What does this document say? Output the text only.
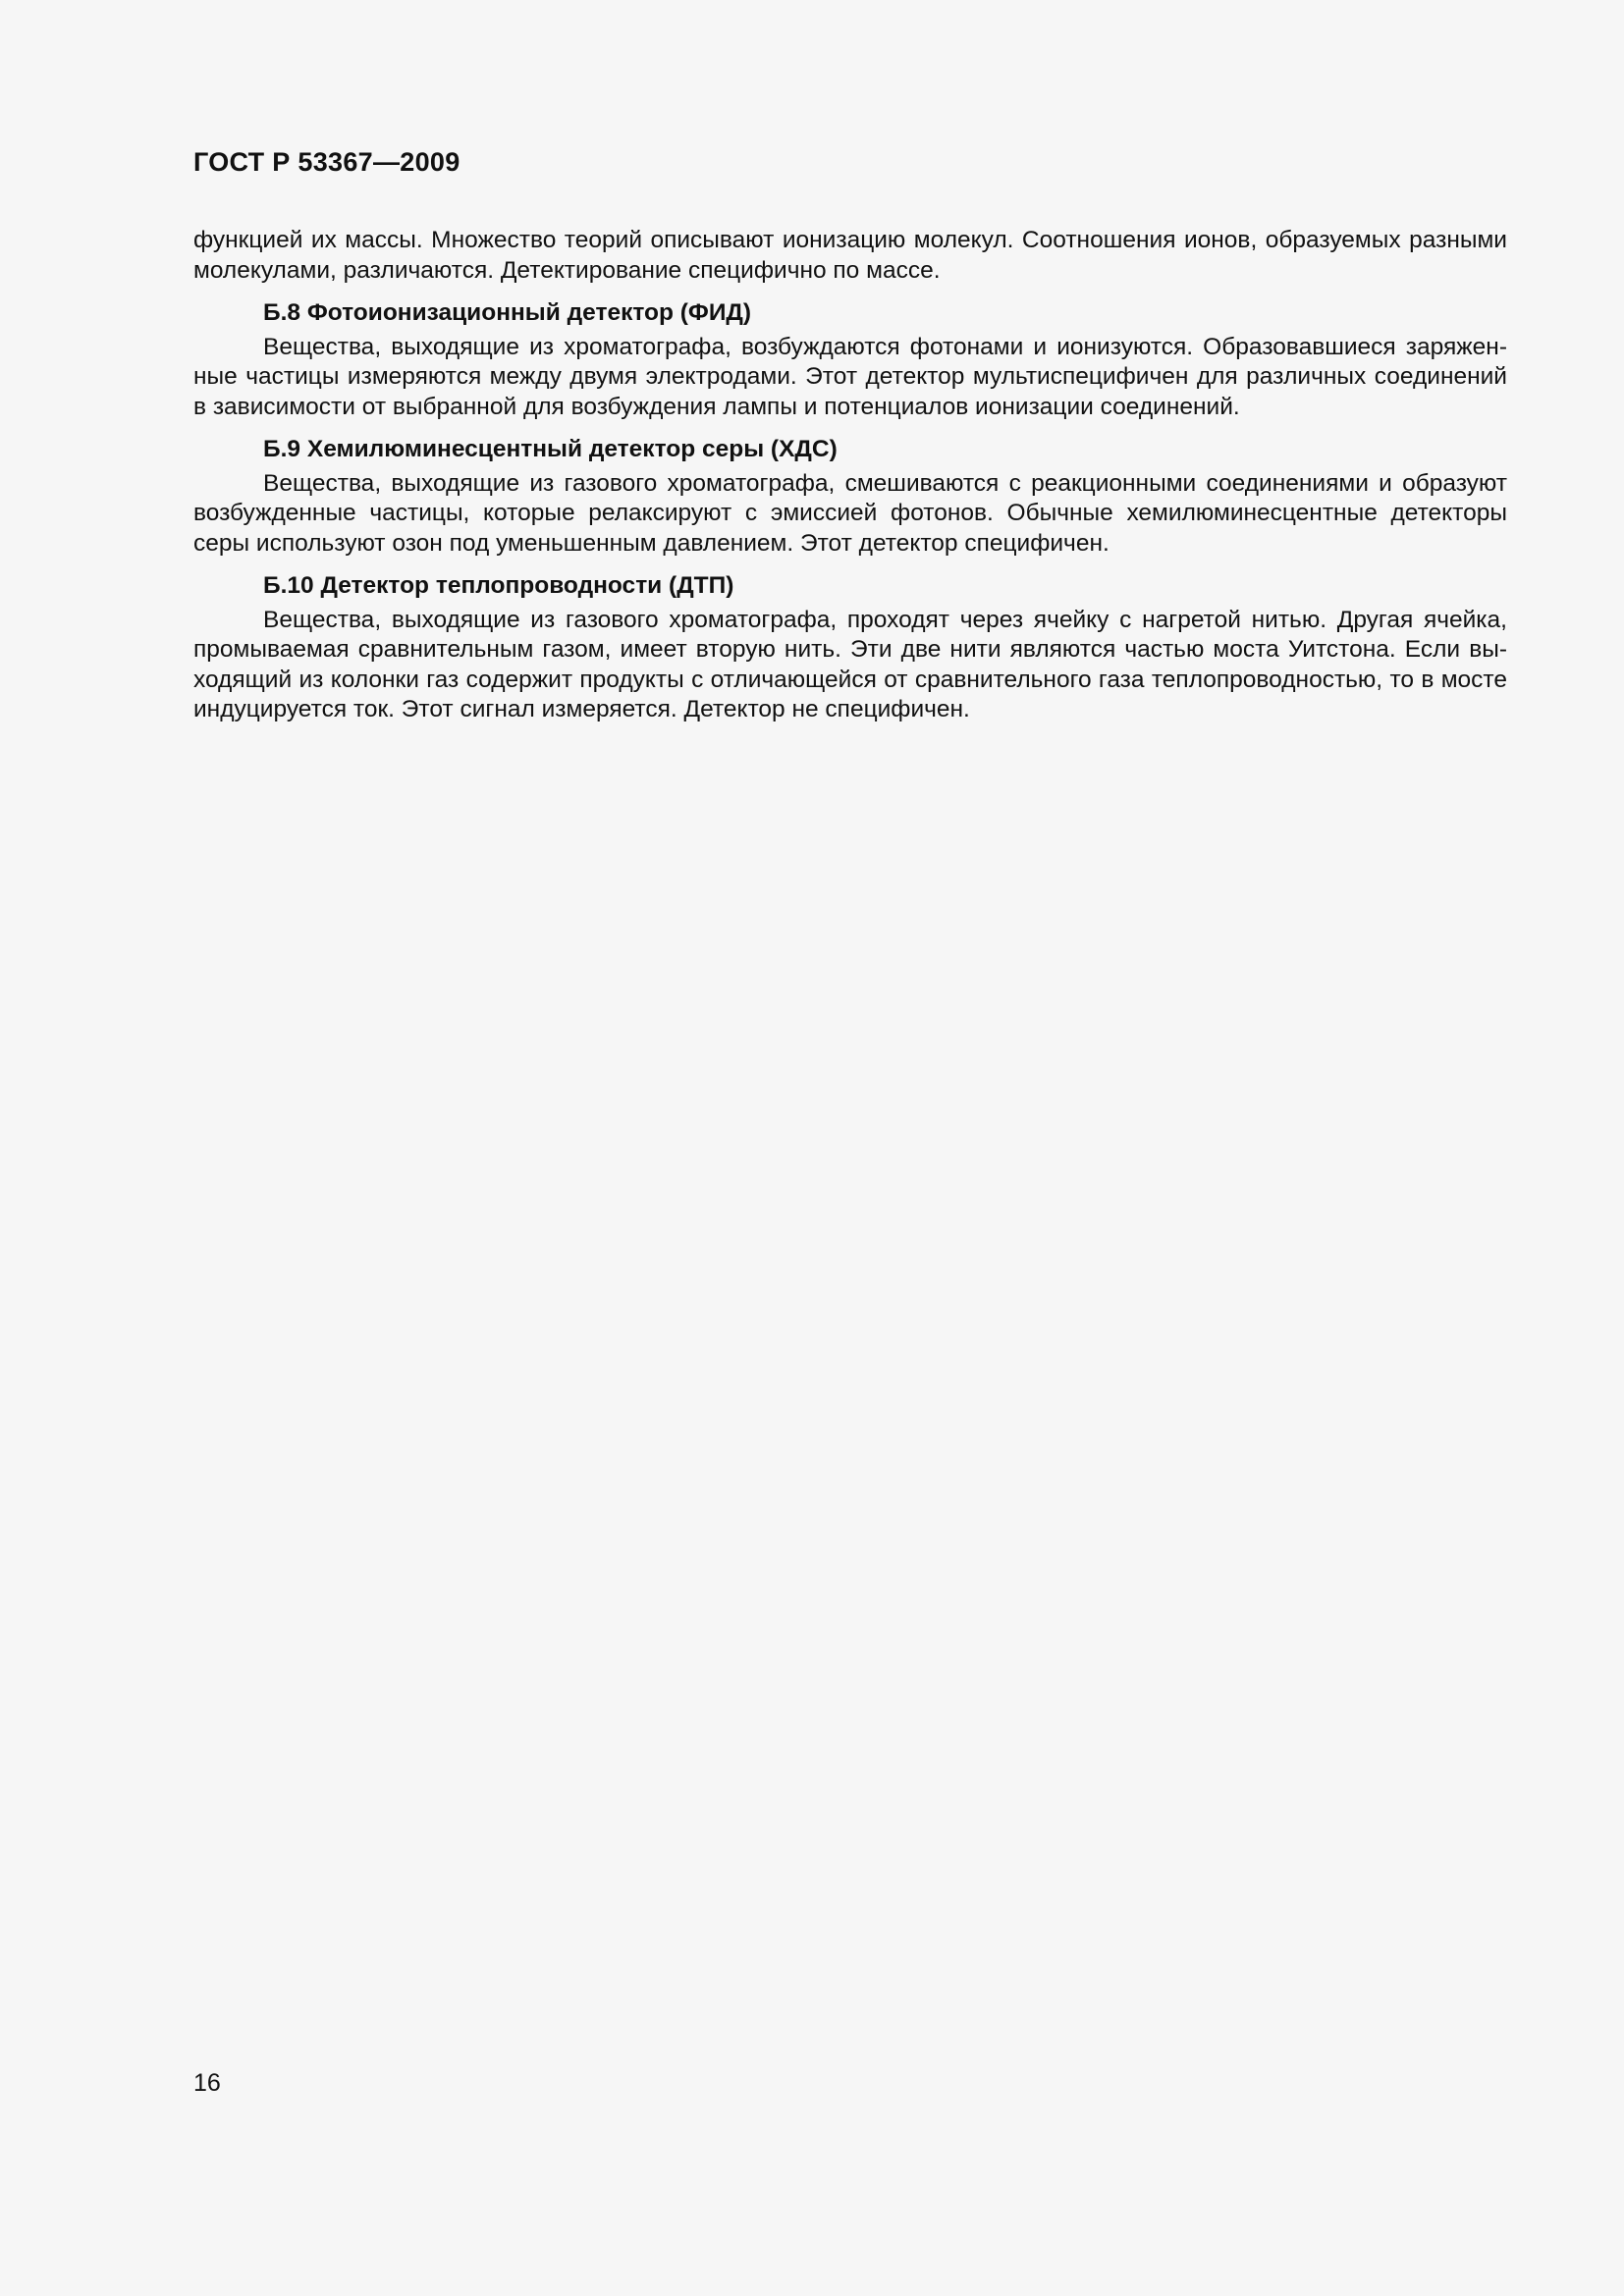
ГОСТ Р 53367—2009

функцией их массы. Множество теорий описывают ионизацию молекул. Соотношения ионов, образуемых разными молекулами, различаются. Детектирование специфично по массе.

Б.8 Фотоионизационный детектор (ФИД)

Вещества, выходящие из хроматографа, возбуждаются фотонами и ионизуются. Образовавшиеся заряженные частицы измеряются между двумя электродами. Этот детектор мультиспецифичен для различных соединений в зависимости от выбранной для возбуждения лампы и потенциалов ионизации соединений.

Б.9 Хемилюминесцентный детектор серы (ХДС)

Вещества, выходящие из газового хроматографа, смешиваются с реакционными соединениями и образуют возбужденные частицы, которые релаксируют с эмиссией фотонов. Обычные хемилюминесцентные детекторы серы используют озон под уменьшенным давлением. Этот детектор специфичен.

Б.10 Детектор теплопроводности (ДТП)

Вещества, выходящие из газового хроматографа, проходят через ячейку с нагретой нитью. Другая ячейка, промываемая сравнительным газом, имеет вторую нить. Эти две нити являются частью моста Уитстона. Если выходящий из колонки газ содержит продукты с отличающейся от сравнительного газа теплопроводностью, то в мосте индуцируется ток. Этот сигнал измеряется. Детектор не специфичен.

16
